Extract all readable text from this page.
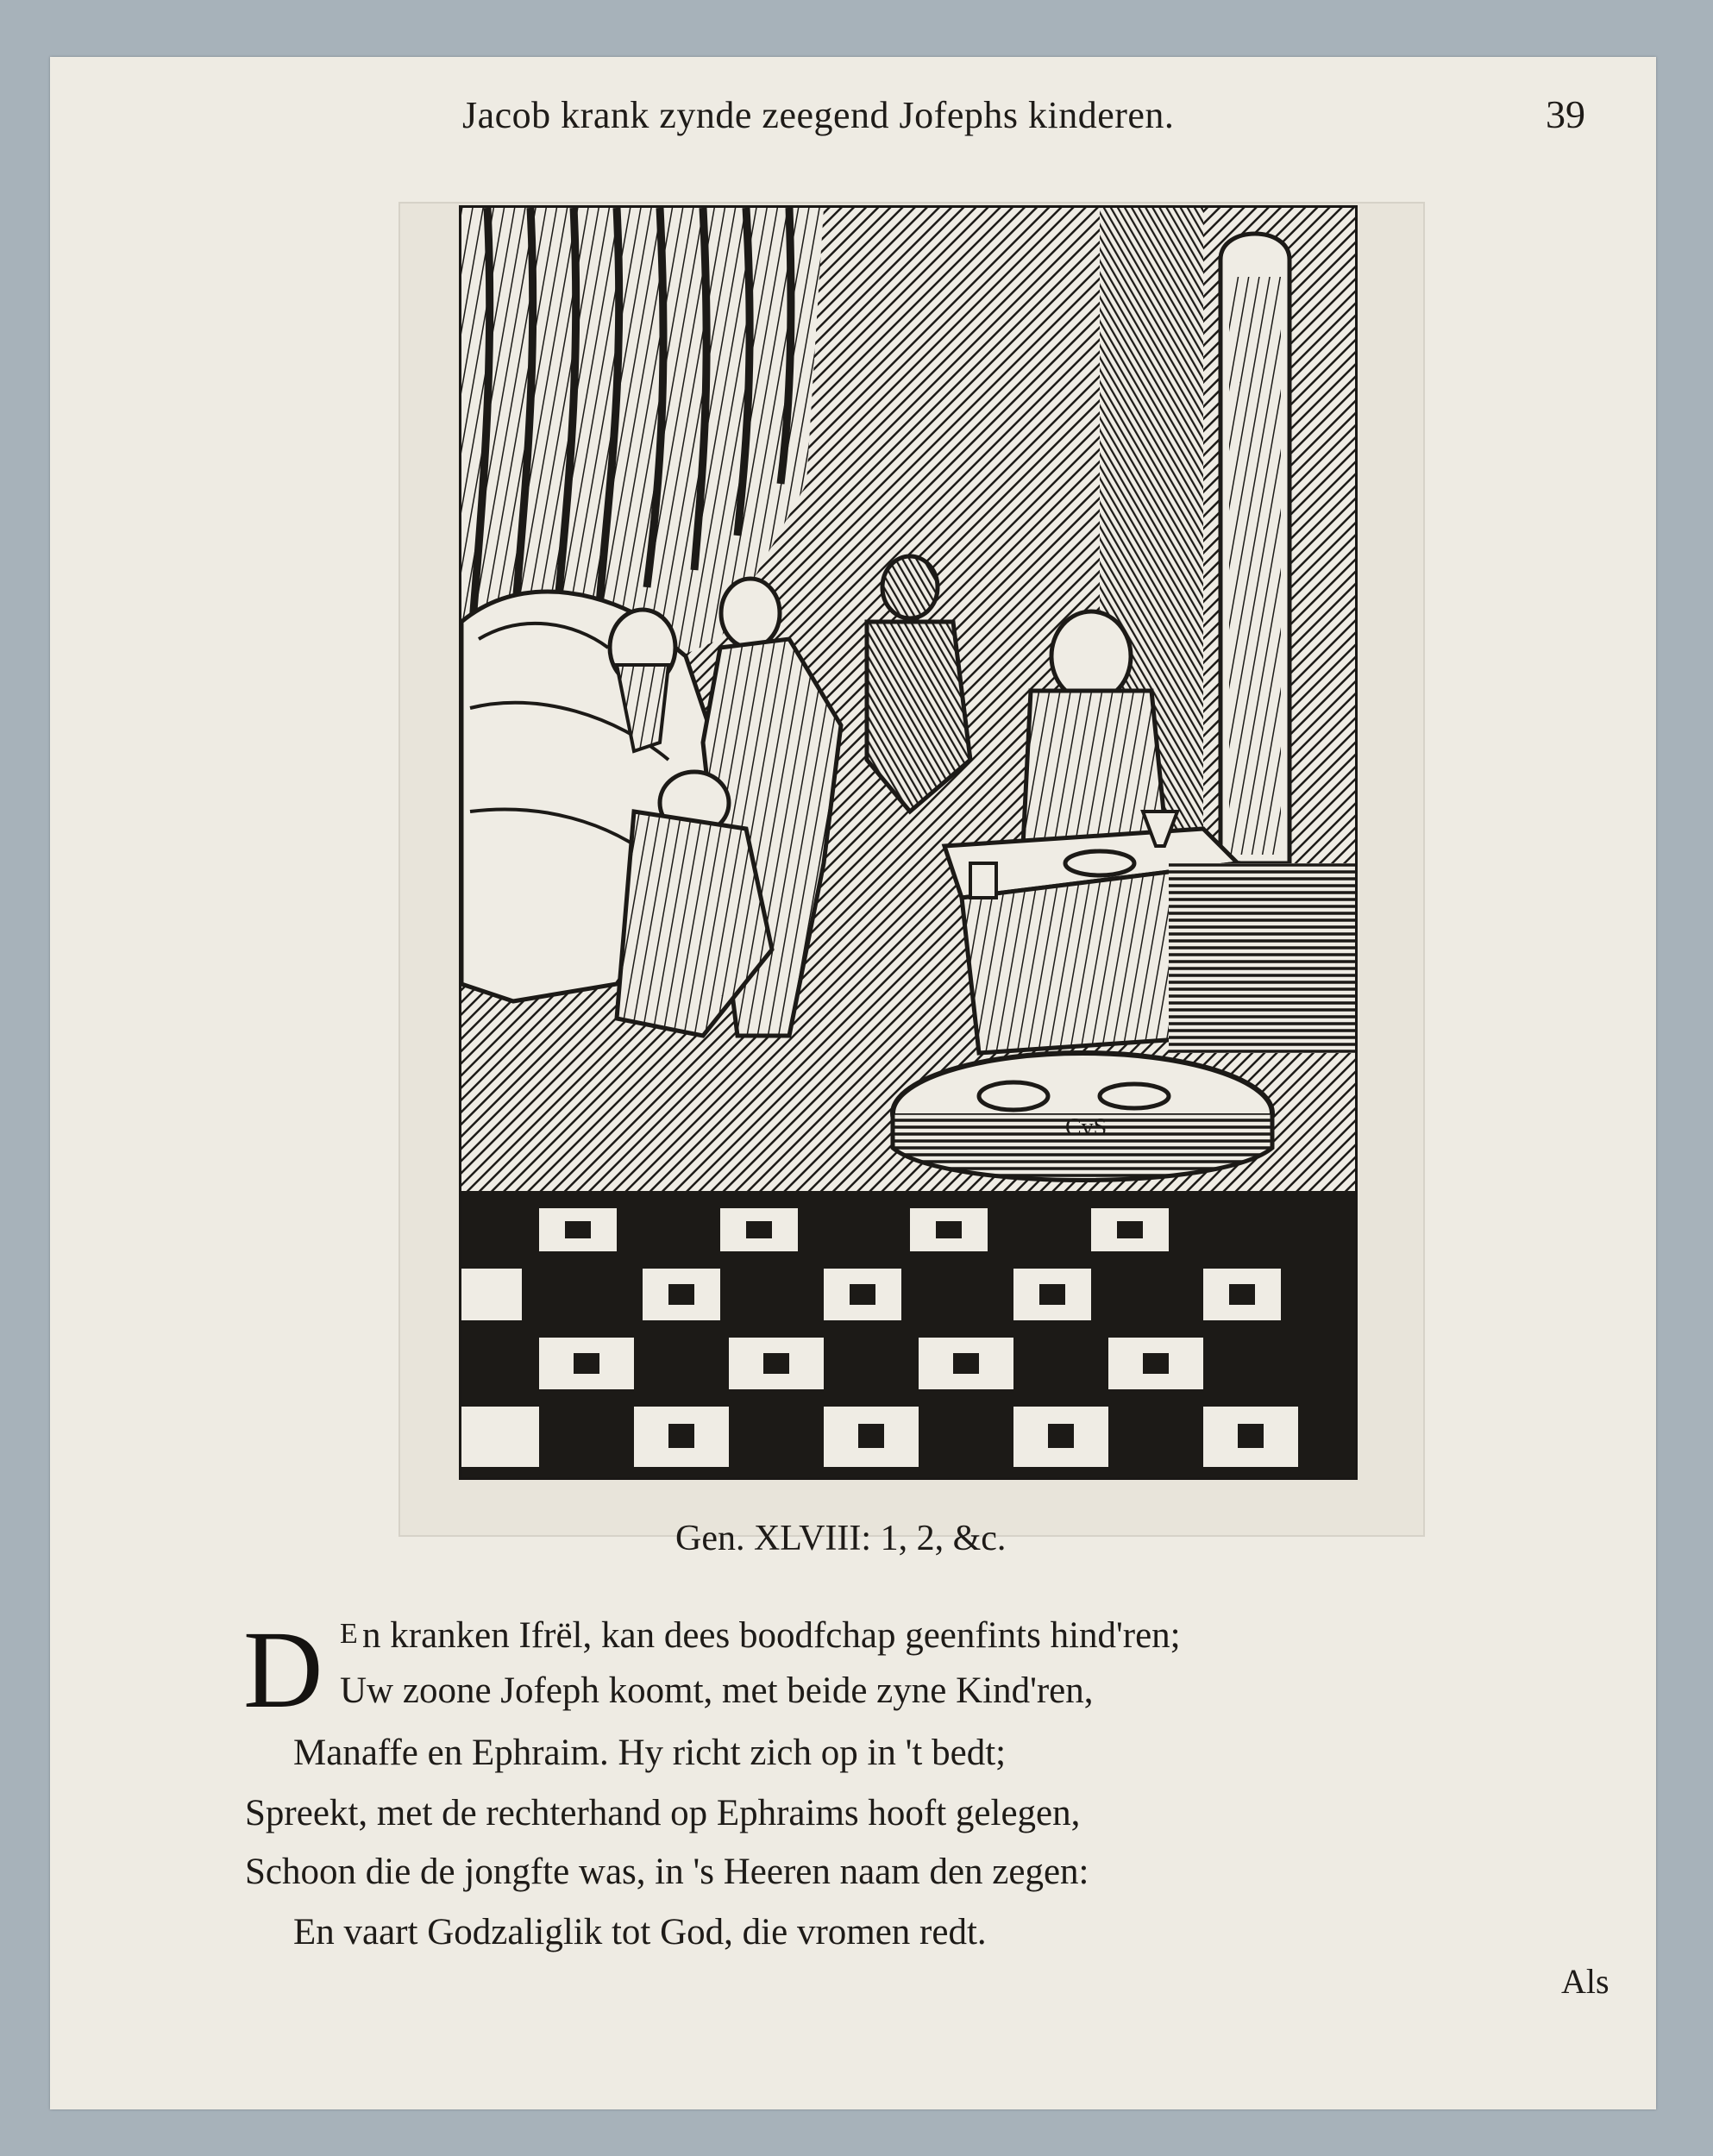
Jacob krank zynde zeegend Jofephs kinderen.	39
CvS
Gen. XLVIII: 1, 2, &c.
D E n kranken Ifrël, kan dees boodfchap geenfints hind'ren;
Uw zoone Jofeph koomt, met beide zyne Kind'ren,
Manaffe en Ephraim. Hy richt zich op in 't bedt;
Spreekt, met de rechterhand op Ephraims hooft gelegen,
Schoon die de jongfte was, in 's Heeren naam den zegen:
En vaart Godzaliglik tot God, die vromen redt.
Als
